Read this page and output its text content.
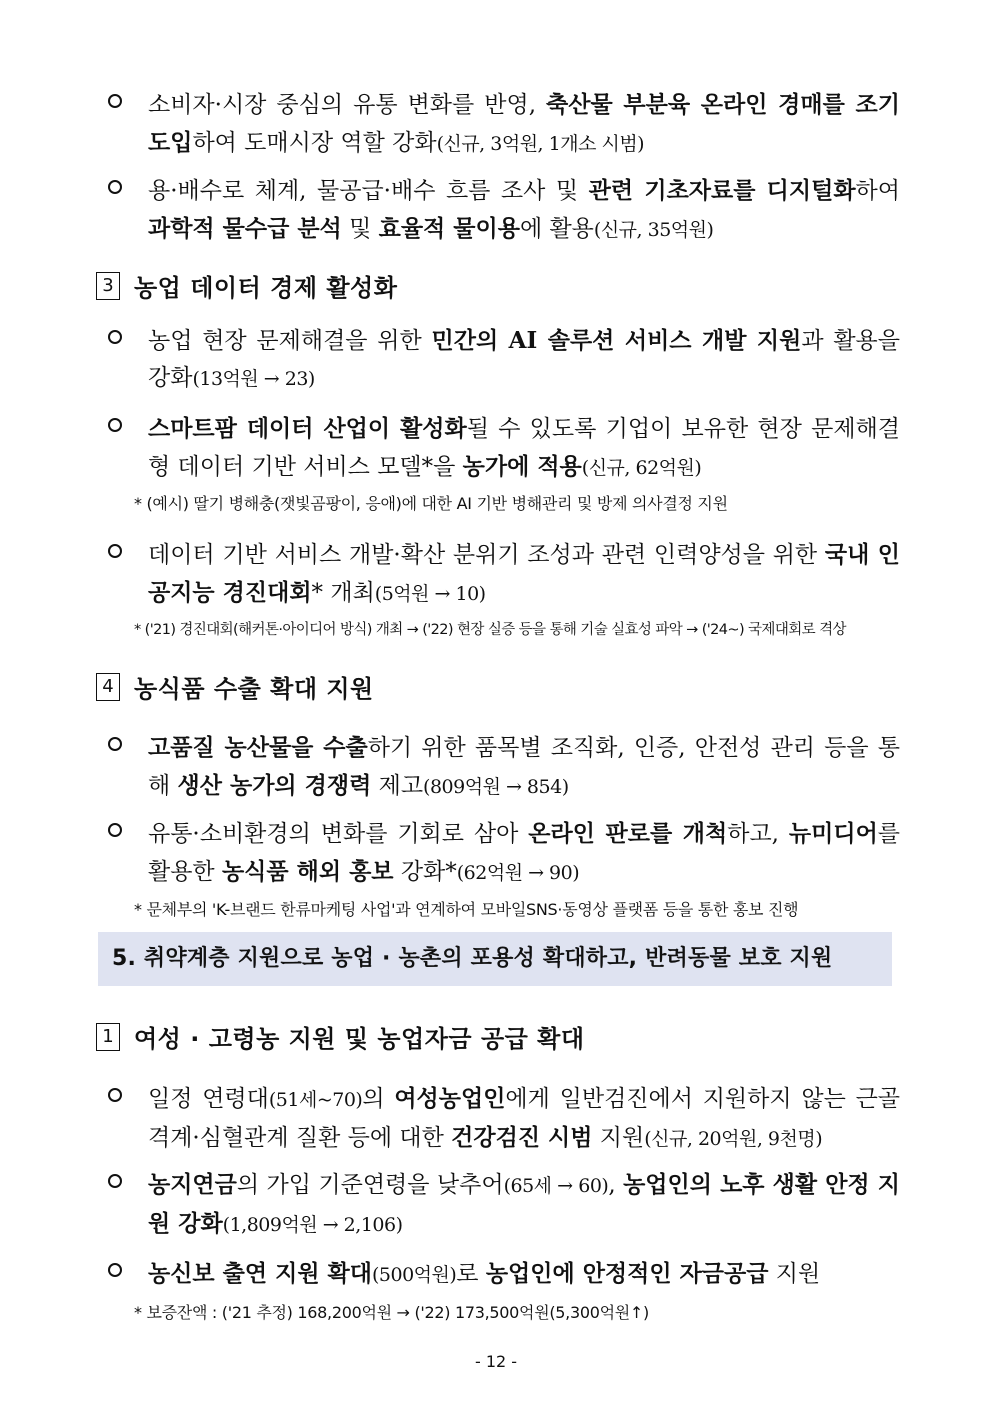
소비자·시장 중심의 유통 변화를 반영, 축산물 부분육 온라인 경매를 조기 도입하여 도매시장 역할 강화(신규, 3억원, 1개소 시범)
용·배수로 체계, 물공급·배수 흐름 조사 및 관련 기초자료를 디지털화하여 과학적 물수급 분석 및 효율적 물이용에 활용(신규, 35억원)
3 농업 데이터 경제 활성화
농업 현장 문제해결을 위한 민간의 AI 솔루션 서비스 개발 지원과 활용을 강화(13억원 → 23)
스마트팜 데이터 산업이 활성화될 수 있도록 기업이 보유한 현장 문제해결형 데이터 기반 서비스 모델*을 농가에 적용(신규, 62억원)
* (예시) 딸기 병해충(잿빛곰팡이, 응애)에 대한 AI 기반 병해관리 및 방제 의사결정 지원
데이터 기반 서비스 개발·확산 분위기 조성과 관련 인력양성을 위한 국내 인공지능 경진대회* 개최(5억원 → 10)
* ('21) 경진대회(해커톤·아이디어 방식) 개최 → ('22) 현장 실증 등을 통해 기술 실효성 파악 → ('24~) 국제대회로 격상
4 농식품 수출 확대 지원
고품질 농산물을 수출하기 위한 품목별 조직화, 인증, 안전성 관리 등을 통해 생산 농가의 경쟁력 제고(809억원 → 854)
유통·소비환경의 변화를 기회로 삼아 온라인 판로를 개척하고, 뉴미디어를 활용한 농식품 해외 홍보 강화*(62억원 → 90)
* 문체부의 'K-브랜드 한류마케팅 사업'과 연계하여 모바일SNS·동영상 플랫폼 등을 통한 홍보 진행
5. 취약계층 지원으로 농업 · 농촌의 포용성 확대하고, 반려동물 보호 지원
1 여성 · 고령농 지원 및 농업자금 공급 확대
일정 연령대(51세~70)의 여성농업인에게 일반검진에서 지원하지 않는 근골격계·심혈관계 질환 등에 대한 건강검진 시범 지원(신규, 20억원, 9천명)
농지연금의 가입 기준연령을 낮추어(65세 → 60), 농업인의 노후 생활 안정 지원 강화(1,809억원 → 2,106)
농신보 출연 지원 확대(500억원)로 농업인에 안정적인 자금공급 지원
* 보증잔액 : ('21 추정) 168,200억원 → ('22) 173,500억원(5,300억원↑)
- 12 -
